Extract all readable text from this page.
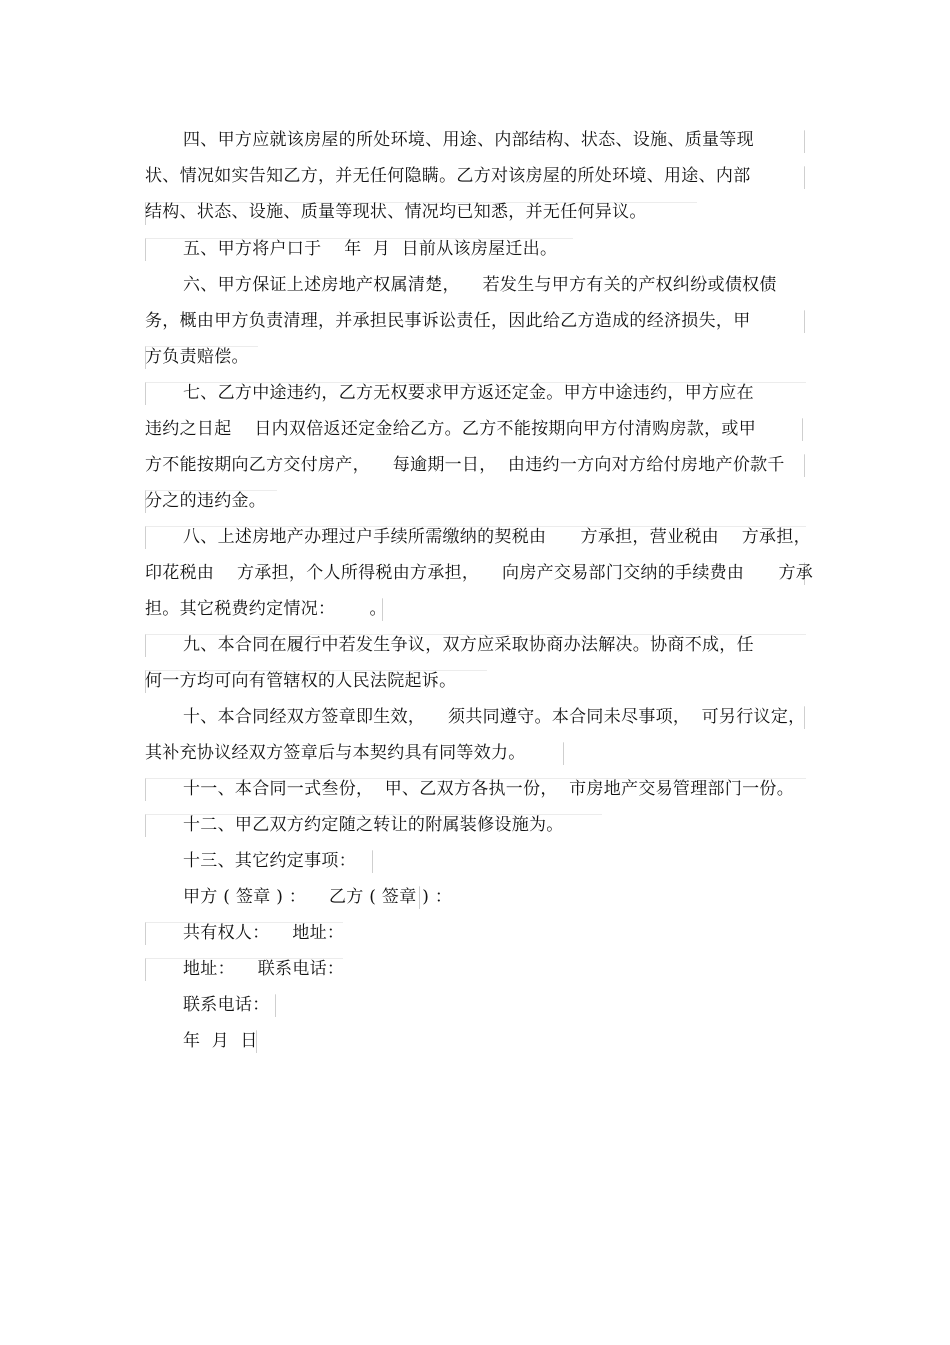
四、甲方应就该房屋的所处环境、用途、内部结构、状态、设施、质量等现
状、情况如实告知乙方，并无任何隐瞒。乙方对该房屋的所处环境、用途、内部
结构、状态、设施、质量等现状、情况均已知悉，并无任何异议。
五、甲方将户口于    年  月  日前从该房屋迁出。
六、甲方保证上述房地产权属清楚，    若发生与甲方有关的产权纠纷或债权债
务，概由甲方负责清理，并承担民事诉讼责任，因此给乙方造成的经济损失，甲
方负责赔偿。
七、乙方中途违约，乙方无权要求甲方返还定金。甲方中途违约，甲方应在
违约之日起    日内双倍返还定金给乙方。乙方不能按期向甲方付清购房款，或甲
方不能按期向乙方交付房产，    每逾期一日，  由违约一方向对方给付房地产价款千
分之的违约金。
八、上述房地产办理过户手续所需缴纳的契税由      方承担，营业税由    方承担，
印花税由    方承担，个人所得税由方承担，    向房产交易部门交纳的手续费由      方承
担。其它税费约定情况：      。
九、本合同在履行中若发生争议，双方应采取协商办法解决。协商不成，任
何一方均可向有管辖权的人民法院起诉。
十、本合同经双方签章即生效，    须共同遵守。本合同未尽事项，  可另行议定，
其补充协议经双方签章后与本契约具有同等效力。
十一、本合同一式叁份，  甲、乙双方各执一份，  市房地产交易管理部门一份。
十二、甲乙双方约定随之转让的附属装修设施为。
十三、其它约定事项：
甲方 ( 签章 ) ：    乙方 ( 签章 ) ：
共有权人：    地址：
地址：    联系电话：
联系电话：
年  月  日
